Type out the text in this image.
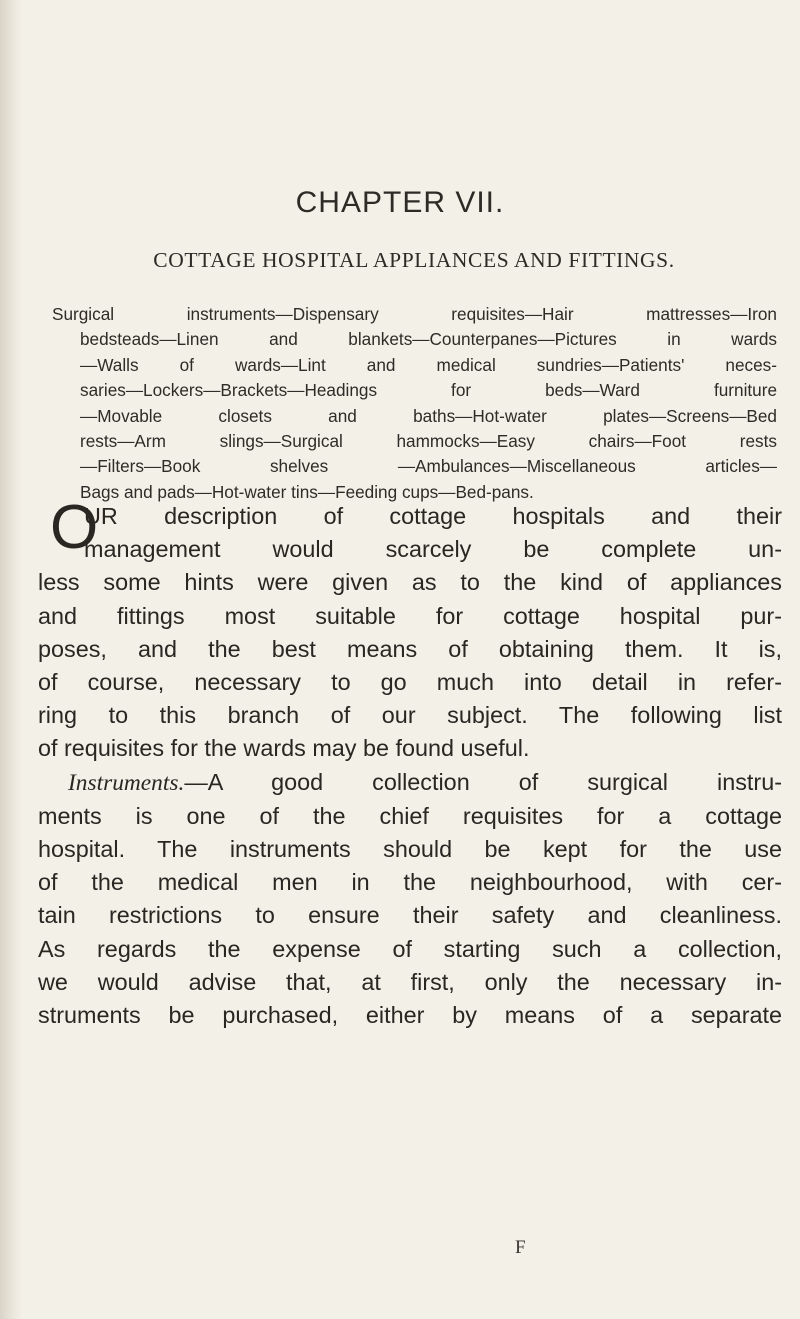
CHAPTER VII.
COTTAGE HOSPITAL APPLIANCES AND FITTINGS.
Surgical instruments—Dispensary requisites—Hair mattresses—Iron
bedsteads—Linen and blankets—Counterpanes—Pictures in wards
—Walls of wards—Lint and medical sundries—Patients' neces-
saries—Lockers—Brackets—Headings for beds—Ward furniture
—Movable closets and baths—Hot-water plates—Screens—Bed
rests—Arm slings—Surgical hammocks—Easy chairs—Foot rests
—Filters—Book shelves —Ambulances—Miscellaneous articles—
Bags and pads—Hot-water tins—Feeding cups—Bed-pans.
O
UR description of cottage hospitals and their
management would scarcely be complete un-
less some hints were given as to the kind of appliances
and fittings most suitable for cottage hospital pur-
poses, and the best means of obtaining them. It is,
of course, necessary to go much into detail in refer-
ring to this branch of our subject. The following list
of requisites for the wards may be found useful.
Instruments.—A good collection of surgical instru-
ments is one of the chief requisites for a cottage
hospital. The instruments should be kept for the use
of the medical men in the neighbourhood, with cer-
tain restrictions to ensure their safety and cleanliness.
As regards the expense of starting such a collection,
we would advise that, at first, only the necessary in-
struments be purchased, either by means of a separate
F
